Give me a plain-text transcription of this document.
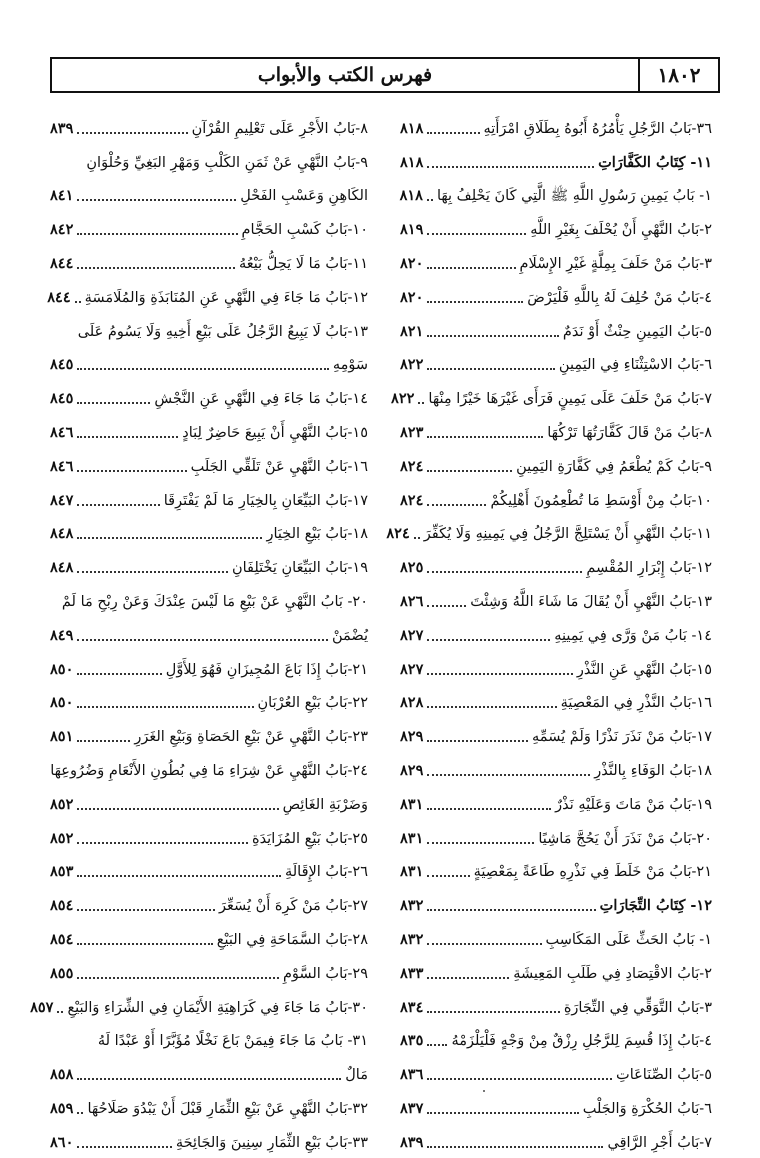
١٨٠٢
فهرس الكتب والأبواب
٣٦-بَابُ الرَّجُلِ يَأْمُرُهُ أَبُوهُ بِطَلَاقِ امْرَأَتِهِ
٨١٨
١١- كِتَابُ الكَفَّارَاتِ
٨١٨
١- بَابُ يَمِينِ رَسُولِ اللَّهِ ﷺ الَّتِي كَانَ يَحْلِفُ بِهَا
٨١٨
٢-بَابُ النَّهْيِ أَنْ يُحْلَفَ بِغَيْرِ اللَّهِ
٨١٩
٣-بَابُ مَنْ حَلَفَ بِمِلَّةٍ غَيْرِ الإِسْلَامِ
٨٢٠
٤-بَابُ مَنْ حُلِفَ لَهُ بِاللَّهِ فَلْيَرْضَ
٨٢٠
٥-بَابُ اليَمِينِ حِنْثٌ أَوْ نَدَمٌ
٨٢١
٦-بَابُ الاسْتِثْنَاءِ فِي اليَمِينِ
٨٢٢
٧-بَابُ مَنْ حَلَفَ عَلَى يَمِينٍ فَرَأَى غَيْرَهَا خَيْرًا مِنْهَا
٨٢٢
٨-بَابُ مَنْ قَالَ كَفَّارَتُهَا تَرْكُهَا
٨٢٣
٩-بَابُ كَمْ يُطْعَمُ فِي كَفَّارَةِ اليَمِينِ
٨٢٤
١٠-بَابُ مِنْ أَوْسَطِ مَا تُطْعِمُونَ أَهْلِيكُمْ
٨٢٤
١١-بَابُ النَّهْيِ أَنْ يَسْتَلِجَّ الرَّجُلُ فِي يَمِينِهِ وَلَا يُكَفِّرَ
٨٢٤
١٢-بَابُ إِبْرَارِ المُقْسِمِ
٨٢٥
١٣-بَابُ النَّهْيِ أَنْ يُقَالَ مَا شَاءَ اللَّهُ وَشِئْتَ
٨٢٦
١٤- بَابُ مَنْ وَرَّى فِي يَمِينِهِ
٨٢٧
١٥-بَابُ النَّهْيِ عَنِ النَّذْرِ
٨٢٧
١٦-بَابُ النَّذْرِ فِي المَعْصِيَةِ
٨٢٨
١٧-بَابُ مَنْ نَذَرَ نَذْرًا وَلَمْ يُسَمِّهِ
٨٢٩
١٨-بَابُ الوَفَاءِ بِالنَّذْرِ
٨٢٩
١٩-بَابُ مَنْ مَاتَ وَعَلَيْهِ نَذْرٌ
٨٣١
٢٠-بَابُ مَنْ نَذَرَ أَنْ يَحُجَّ مَاشِيًا
٨٣١
٢١-بَابُ مَنْ خَلَطَ فِي نَذْرِهِ طَاعَةً بِمَعْصِيَةٍ
٨٣١
١٢- كِتَابُ التِّجَارَاتِ
٨٣٢
١- بَابُ الحَثِّ عَلَى المَكَاسِبِ
٨٣٢
٢-بَابُ الاقْتِصَادِ فِي طَلَبِ المَعِيشَةِ
٨٣٣
٣-بَابُ التَّوَقِّي فِي التِّجَارَةِ
٨٣٤
٤-بَابُ إِذَا قُسِمَ لِلرَّجُلِ رِزْقٌ مِنْ وَجْهٍ فَلْيَلْزَمْهُ
٨٣٥
٥-بَابُ الصِّنَاعَاتِ
٨٣٦
٦-بَابُ الحُكْرَةِ وَالجَلْبِ
٨٣٧
٧-بَابُ أَجْرِ الرَّاقِي
٨٣٩
٨-بَابُ الأَجْرِ عَلَى تَعْلِيمِ القُرْآنِ
٨٣٩
٩-بَابُ النَّهْيِ عَنْ ثَمَنِ الكَلْبِ وَمَهْرِ البَغِيِّ وَحُلْوَانِ
الكَاهِنِ وَعَسْبِ الفَحْلِ
٨٤١
١٠-بَابُ كَسْبِ الحَجَّامِ
٨٤٢
١١-بَابُ مَا لَا يَحِلُّ بَيْعُهُ
٨٤٤
١٢-بَابُ مَا جَاءَ فِي النَّهْيِ عَنِ المُنَابَذَةِ وَالمُلَامَسَةِ
٨٤٤
١٣-بَابُ لَا يَبِيعُ الرَّجُلُ عَلَى بَيْعِ أَخِيهِ وَلَا يَسُومُ عَلَى
سَوْمِهِ
٨٤٥
١٤-بَابُ مَا جَاءَ فِي النَّهْيِ عَنِ النَّجْشِ
٨٤٥
١٥-بَابُ النَّهْيِ أَنْ يَبِيعَ حَاضِرٌ لِبَادٍ
٨٤٦
١٦-بَابُ النَّهْيِ عَنْ تَلَقِّي الجَلَبِ
٨٤٦
١٧-بَابُ البَيِّعَانِ بِالخِيَارِ مَا لَمْ يَفْتَرِقَا
٨٤٧
١٨-بَابُ بَيْعِ الخِيَارِ
٨٤٨
١٩-بَابُ البَيِّعَانِ يَخْتَلِفَانِ
٨٤٨
٢٠- بَابُ النَّهْيِ عَنْ بَيْعِ مَا لَيْسَ عِنْدَكَ وَعَنْ رِبْحِ مَا لَمْ
يُضْمَنْ
٨٤٩
٢١-بَابُ إِذَا بَاعَ المُجِيزَانِ فَهُوَ لِلأَوَّلِ
٨٥٠
٢٢-بَابُ بَيْعِ العُرْبَانِ
٨٥٠
٢٣-بَابُ النَّهْيِ عَنْ بَيْعِ الحَصَاةِ وَبَيْعِ الغَرَرِ
٨٥١
٢٤-بَابُ النَّهْيِ عَنْ شِرَاءِ مَا فِي بُطُونِ الأَنْعَامِ وَضُرُوعِهَا
وَضَرْبَةِ الغَائِصِ
٨٥٢
٢٥-بَابُ بَيْعِ المُزَايَدَةِ
٨٥٢
٢٦-بَابُ الإِقَالَةِ
٨٥٣
٢٧-بَابُ مَنْ كَرِهَ أَنْ يُسَعِّرَ
٨٥٤
٢٨-بَابُ السَّمَاحَةِ فِي البَيْعِ
٨٥٤
٢٩-بَابُ السَّوْمِ
٨٥٥
٣٠-بَابُ مَا جَاءَ فِي كَرَاهِيَةِ الأَيْمَانِ فِي الشِّرَاءِ وَالبَيْعِ
٨٥٧
٣١- بَابُ مَا جَاءَ فِيمَنْ بَاعَ نَخْلًا مُؤَبَّرًا أَوْ عَبْدًا لَهُ
مَالٌ
٨٥٨
٣٢-بَابُ النَّهْيِ عَنْ بَيْعِ الثِّمَارِ قَبْلَ أَنْ يَبْدُوَ صَلَاحُهَا
٨٥٩
٣٣-بَابُ بَيْعِ الثِّمَارِ سِنِينَ وَالجَائِحَةِ
٨٦٠
